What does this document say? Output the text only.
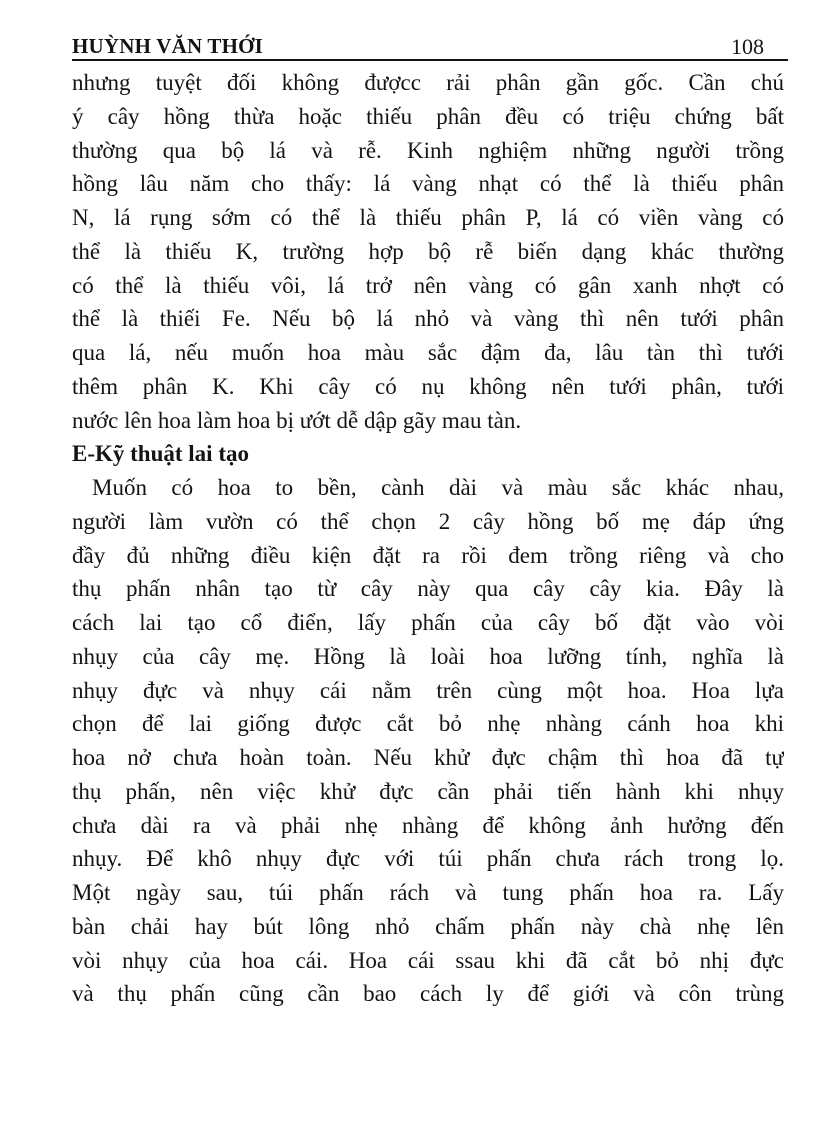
HUỲNH VĂN THỚI	108
nhưng tuyệt đối không đượcc rải phân gần gốc. Cần chú
ý cây hồng thừa hoặc thiếu phân đều có triệu chứng bất
thường qua bộ lá và rễ. Kinh nghiệm những người trồng
hồng lâu năm cho thấy: lá vàng nhạt có thể là thiếu phân
N, lá rụng sớm có thể là thiếu phân P, lá có viền vàng có
thể là thiếu K, trường hợp bộ rễ biến dạng khác thường
có thể là thiếu vôi, lá trở nên vàng có gân xanh nhợt có
thể là thiếi Fe. Nếu bộ lá nhỏ và vàng thì nên tưới phân
qua lá, nếu muốn hoa màu sắc đậm đa, lâu tàn thì tưới
thêm phân K. Khi cây có nụ không nên tưới phân, tưới
nước lên hoa làm hoa bị ướt dễ dập gãy mau tàn.
E-Kỹ thuật lai tạo
Muốn có hoa to bền, cành dài và màu sắc khác nhau,
người làm vườn có thể chọn 2 cây hồng bố mẹ đáp ứng
đầy đủ những điều kiện đặt ra rồi đem trồng riêng và cho
thụ phấn nhân tạo từ cây này qua cây cây kia. Đây là
cách lai tạo cổ điển, lấy phấn của cây bố đặt vào vòi
nhụy của cây mẹ. Hồng là loài hoa lưỡng tính, nghĩa là
nhụy đực và nhụy cái nằm trên cùng một hoa. Hoa lựa
chọn để lai giống được cắt bỏ nhẹ nhàng cánh hoa khi
hoa nở chưa hoàn toàn. Nếu khử đực chậm thì hoa đã tự
thụ phấn, nên việc khử đực cần phải tiến hành khi nhụy
chưa dài ra và phải nhẹ nhàng để không ảnh hưởng đến
nhụy. Để khô nhụy đực với túi phấn chưa rách trong lọ.
Một ngày sau, túi phấn rách và tung phấn hoa ra. Lấy
bàn chải hay bút lông nhỏ chấm phấn này chà nhẹ lên
vòi nhụy của hoa cái. Hoa cái ssau khi đã cắt bỏ nhị đực
và thụ phấn cũng cần bao cách ly để giới và côn trùng
